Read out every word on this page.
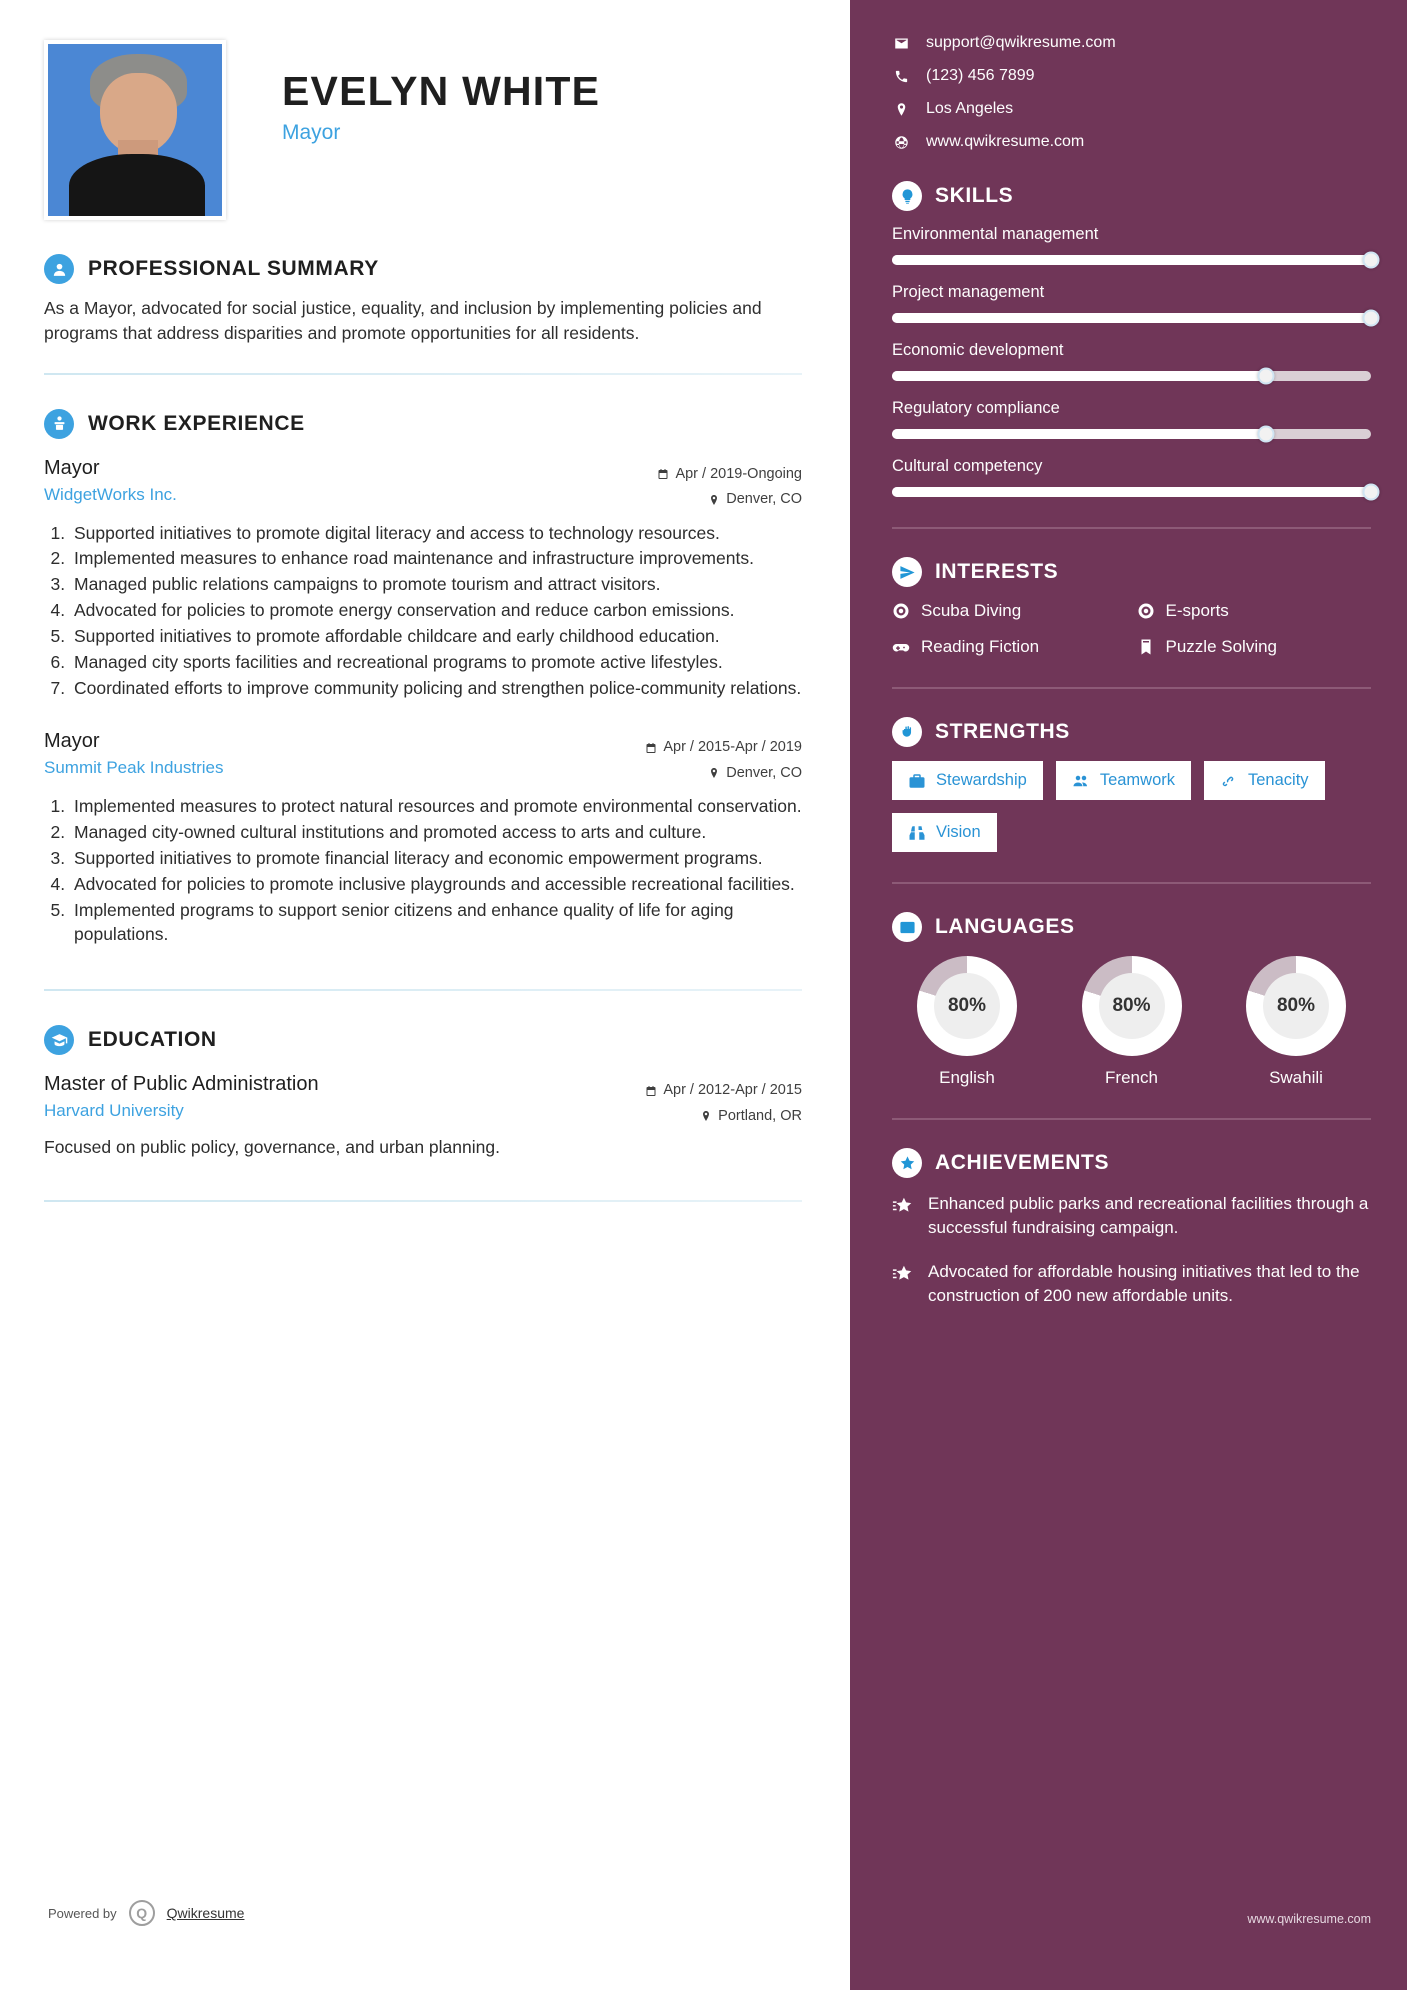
EVELYN WHITE
Mayor
PROFESSIONAL SUMMARY
As a Mayor, advocated for social justice, equality, and inclusion by implementing policies and programs that address disparities and promote opportunities for all residents.
WORK EXPERIENCE
Mayor
WidgetWorks Inc.
Apr / 2019-Ongoing
Denver, CO
1. Supported initiatives to promote digital literacy and access to technology resources.
2. Implemented measures to enhance road maintenance and infrastructure improvements.
3. Managed public relations campaigns to promote tourism and attract visitors.
4. Advocated for policies to promote energy conservation and reduce carbon emissions.
5. Supported initiatives to promote affordable childcare and early childhood education.
6. Managed city sports facilities and recreational programs to promote active lifestyles.
7. Coordinated efforts to improve community policing and strengthen police-community relations.
Mayor
Summit Peak Industries
Apr / 2015-Apr / 2019
Denver, CO
1. Implemented measures to protect natural resources and promote environmental conservation.
2. Managed city-owned cultural institutions and promoted access to arts and culture.
3. Supported initiatives to promote financial literacy and economic empowerment programs.
4. Advocated for policies to promote inclusive playgrounds and accessible recreational facilities.
5. Implemented programs to support senior citizens and enhance quality of life for aging populations.
EDUCATION
Master of Public Administration
Harvard University
Apr / 2012-Apr / 2015
Portland, OR
Focused on public policy, governance, and urban planning.
Powered by	Q	Qwikresume
support@qwikresume.com
(123) 456 7899
Los Angeles
www.qwikresume.com
SKILLS
Environmental management
Project management
Economic development
Regulatory compliance
Cultural competency
INTERESTS
Scuba Diving	E-sports
Reading Fiction	Puzzle Solving
STRENGTHS
Stewardship	Teamwork	Tenacity
Vision
LANGUAGES
80%
English
80%
French
80%
Swahili
ACHIEVEMENTS
Enhanced public parks and recreational facilities through a successful fundraising campaign.
Advocated for affordable housing initiatives that led to the construction of 200 new affordable units.
www.qwikresume.com
